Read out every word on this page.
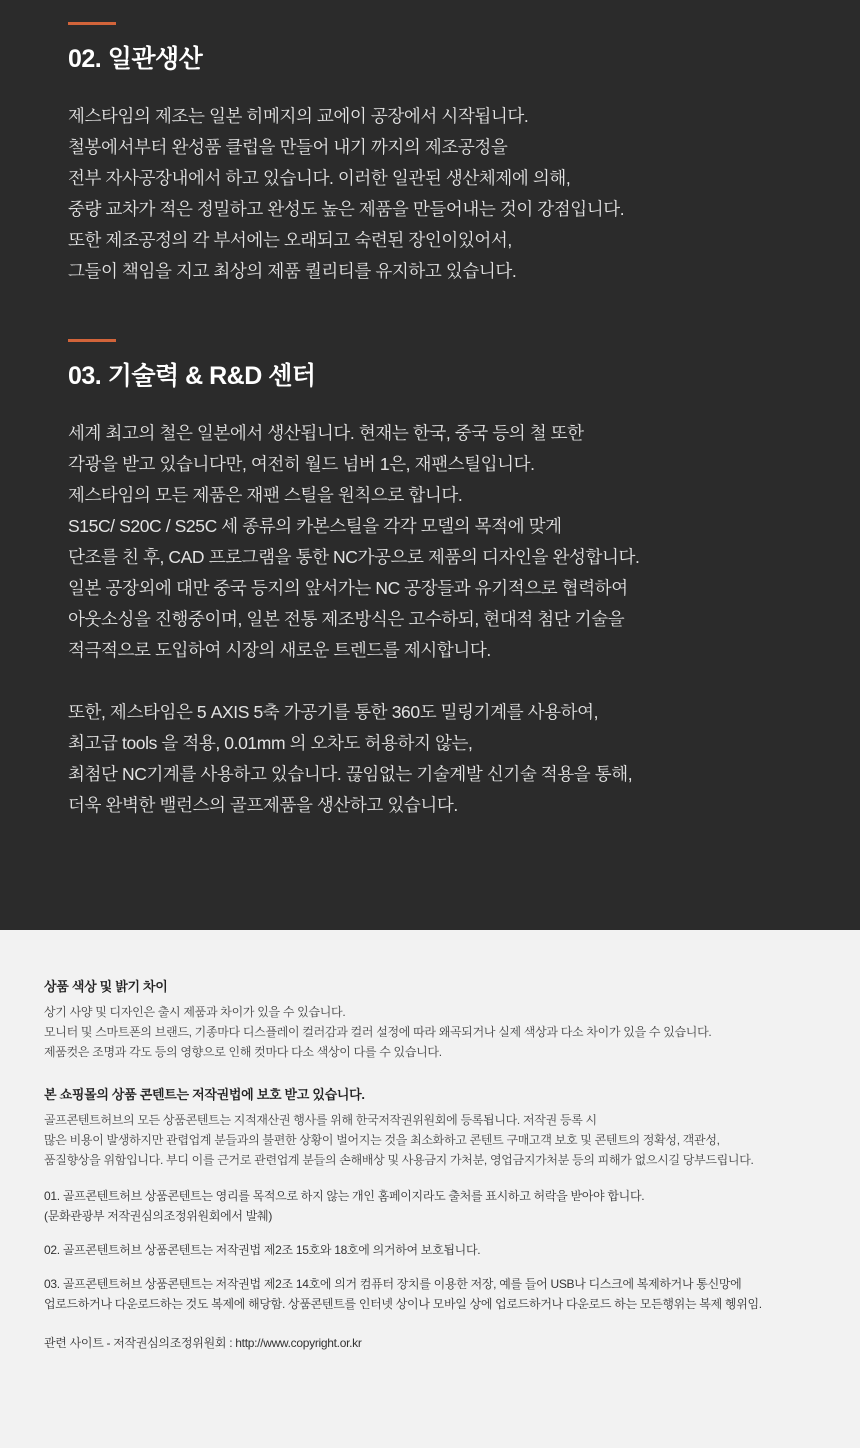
02. 일관생산

제스타임의 제조는 일본 히메지의 교에이 공장에서 시작됩니다.

철봉에서부터 완성품 클럽을 만들어 내기 까지의 제조공정을

전부 자사공장내에서 하고 있습니다. 이러한 일관된 생산체제에 의해,

중량 교차가 적은 정밀하고 완성도 높은 제품을 만들어내는 것이 강점입니다.

또한 제조공정의 각 부서에는 오래되고 숙련된 장인이있어서,

그들이 책임을 지고 최상의 제품 퀄리티를 유지하고 있습니다.

03. 기술력 & R&D 센터

세계 최고의 철은 일본에서 생산됩니다. 현재는 한국, 중국 등의 철 또한

각광을 받고 있습니다만, 여전히 월드 넘버 1은, 재팬스틸입니다.

제스타임의 모든 제품은 재팬 스틸을 원칙으로 합니다.

S15C/ S20C / S25C 세 종류의 카본스틸을 각각 모델의 목적에 맞게

단조를 친 후, CAD 프로그램을 통한 NC가공으로 제품의 디자인을 완성합니다.

일본 공장외에 대만 중국 등지의 앞서가는 NC 공장들과 유기적으로 협력하여

아웃소싱을 진행중이며, 일본 전통 제조방식은 고수하되, 현대적 첨단 기술을

적극적으로 도입하여 시장의 새로운 트렌드를 제시합니다.

또한, 제스타임은 5 AXIS 5축 가공기를 통한 360도 밀링기계를 사용하여,

최고급 tools 을 적용, 0.01mm 의 오차도 허용하지 않는,

최첨단 NC기계를 사용하고 있습니다. 끊임없는 기술계발 신기술 적용을 통해,

더욱 완벽한 밸런스의 골프제품을 생산하고 있습니다.

상품 색상 및 밝기 차이

상기 사양 및 디자인은 출시 제품과 차이가 있을 수 있습니다.

모니터 및 스마트폰의 브랜드, 기종마다 디스플레이 컬러감과 컬러 설정에 따라 왜곡되거나 실제 색상과 다소 차이가 있을 수 있습니다.

제품컷은 조명과 각도 등의 영향으로 인해 컷마다 다소 색상이 다를 수 있습니다.

본 쇼핑몰의 상품 콘텐트는 저작권법에 보호 받고 있습니다.

골프콘텐트허브의 모든 상품콘텐트는 지적재산권 행사를 위해 한국저작권위원회에 등록됩니다. 저작권 등록 시

많은 비용이 발생하지만 관렵업계 분들과의 불편한 상황이 벌어지는 것을 최소화하고 콘텐트 구매고객 보호 및 콘텐트의 정확성, 객관성,

품질향상을 위함입니다. 부디 이를 근거로 관련업계 분들의 손해배상 및 사용금지 가처분, 영업금지가처분 등의 피해가 없으시길 당부드립니다.

01. 골프콘텐트허브 상품콘텐트는 영리를 목적으로 하지 않는 개인 홈페이지라도 출처를 표시하고 허락을 받아야 합니다.

(문화관광부 저작권심의조정위원회에서 발췌)

02. 골프콘텐트허브 상품콘텐트는 저작권법 제2조 15호와 18호에 의거하여 보호됩니다.

03. 골프콘텐트허브 상품콘텐트는 저작권법 제2조 14호에 의거 컴퓨터 장치를 이용한 저장, 예를 들어 USB나 디스크에 복제하거나 통신망에

업로드하거나 다운로드하는 것도 복제에 해당함. 상품콘텐트를 인터넷 상이나 모바일 상에 업로드하거나 다운로드 하는 모든행위는 복제 헹위임.

관련 사이트 - 저작권심의조정위원회 : http://www.copyright.or.kr
